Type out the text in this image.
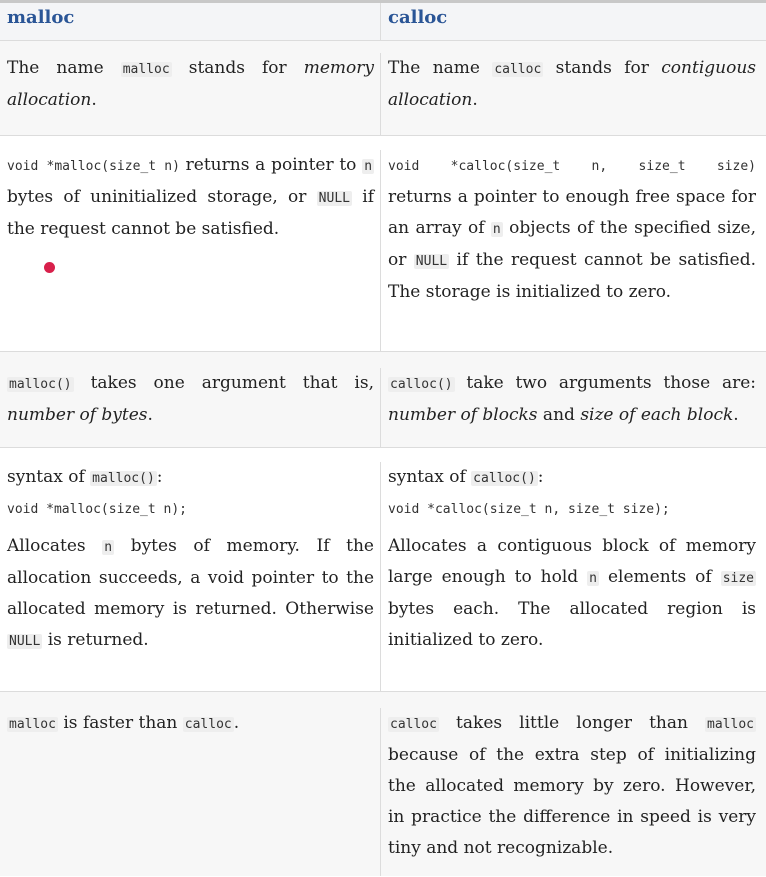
malloc	calloc
The name malloc stands for memory allocation.
The name calloc stands for contiguous allocation.
void *malloc(size_t n) returns a pointer to n bytes of uninitialized storage, or NULL if the request cannot be satisfied.
void  *calloc(size_t  n,  size_t  size) returns a pointer to enough free space for an array of n objects of the specified size, or NULL if the request cannot be satisfied. The storage is initialized to zero.
malloc() takes one argument that is, number of bytes.
calloc() take two arguments those are: number of blocks and size of each block.
syntax of malloc() :
void *malloc(size_t n);
Allocates n bytes of memory. If the allocation succeeds, a void pointer to the allocated memory is returned. Otherwise NULL is returned.
syntax of calloc() :
void *calloc(size_t n, size_t size);
Allocates a contiguous block of memory large enough to hold n elements of size bytes each. The allocated region is initialized to zero.
malloc is faster than calloc .	calloc takes little longer than malloc because of the extra step of initializing the allocated memory by zero. However, in practice the difference in speed is very tiny and not recognizable.
